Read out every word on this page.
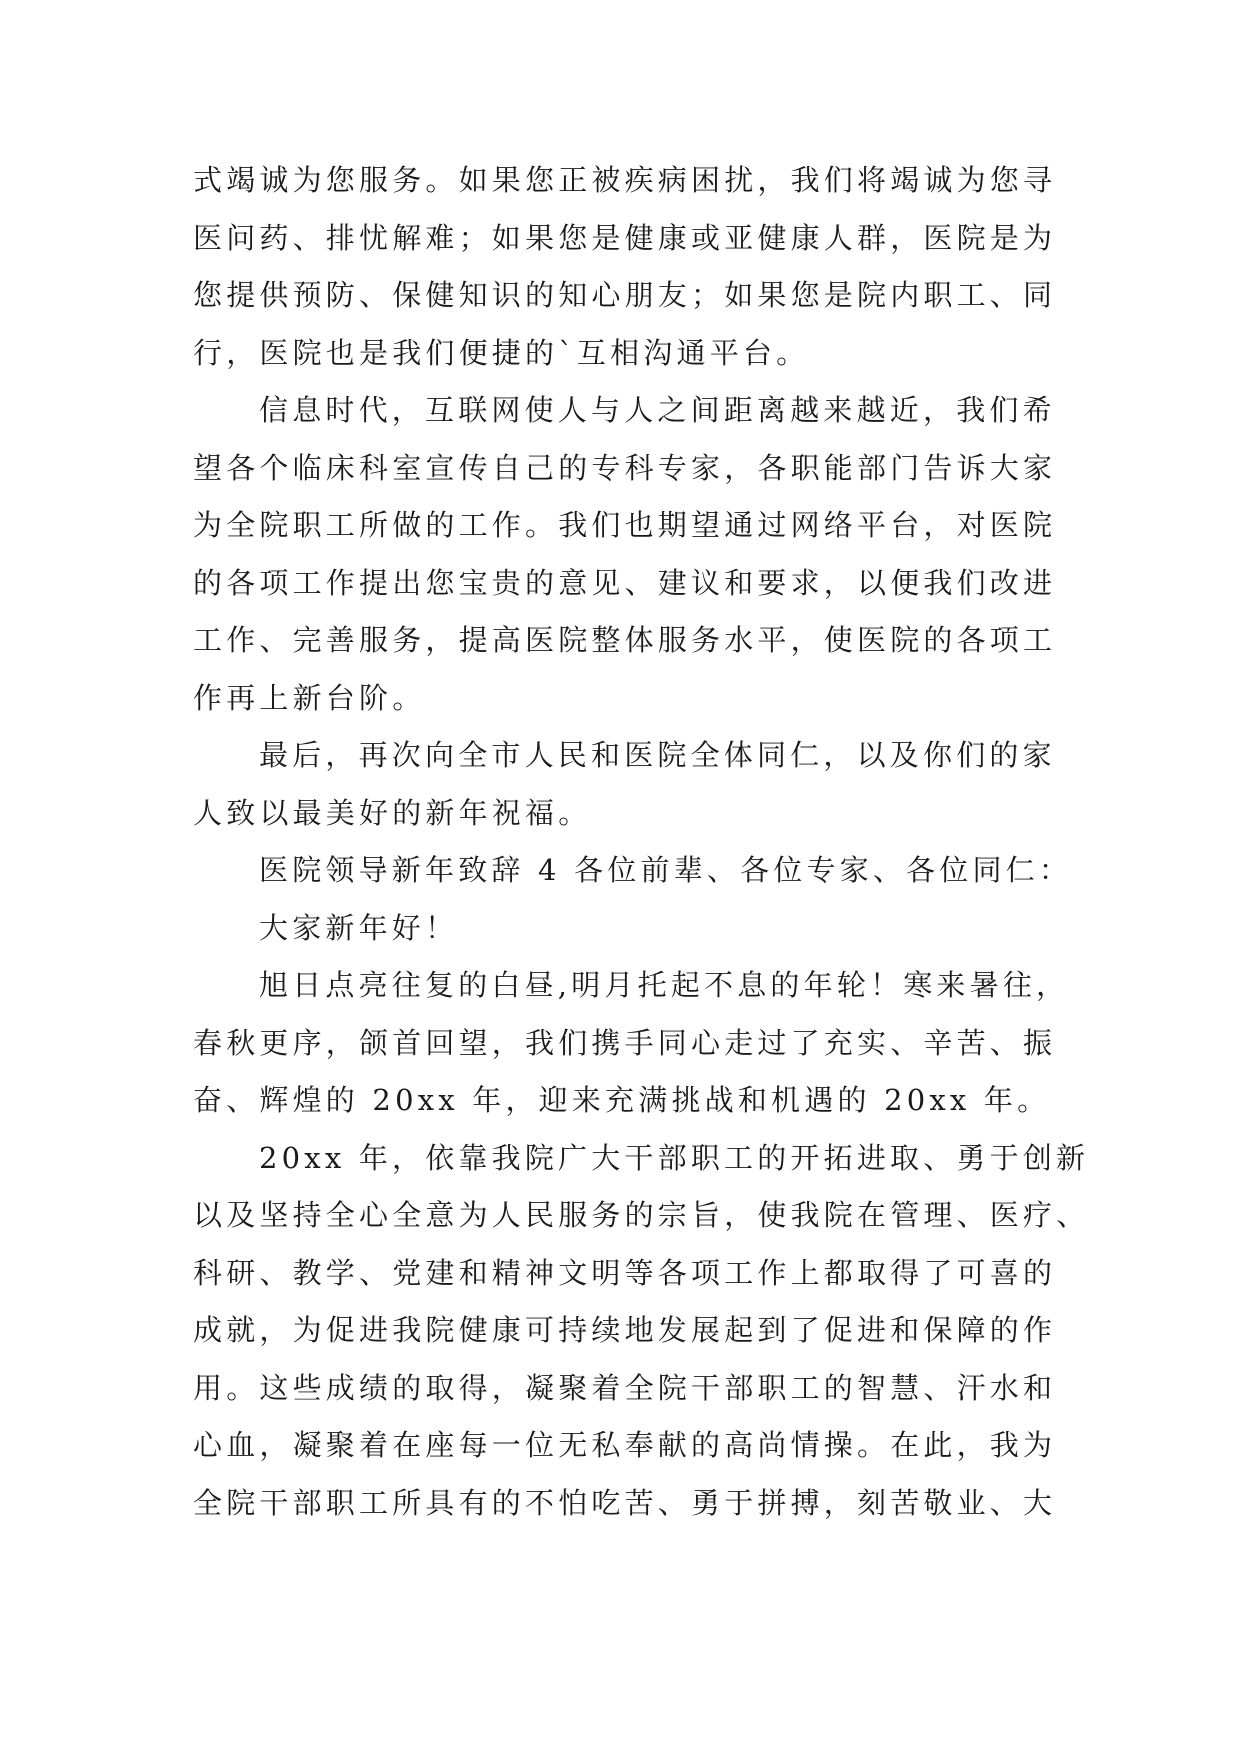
式竭诚为您服务。如果您正被疾病困扰，我们将竭诚为您寻
医问药、排忧解难；如果您是健康或亚健康人群，医院是为
您提供预防、保健知识的知心朋友；如果您是院内职工、同
行，医院也是我们便捷的`互相沟通平台。

信息时代，互联网使人与人之间距离越来越近，我们希
望各个临床科室宣传自己的专科专家，各职能部门告诉大家
为全院职工所做的工作。我们也期望通过网络平台，对医院
的各项工作提出您宝贵的意见、建议和要求，以便我们改进
工作、完善服务，提高医院整体服务水平，使医院的各项工
作再上新台阶。

最后，再次向全市人民和医院全体同仁，以及你们的家
人致以最美好的新年祝福。

医院领导新年致辞 4 各位前辈、各位专家、各位同仁：

大家新年好！

旭日点亮往复的白昼,明月托起不息的年轮！寒来暑往，
春秋更序，颌首回望，我们携手同心走过了充实、辛苦、振
奋、辉煌的 20xx 年，迎来充满挑战和机遇的 20xx 年。

20xx 年，依靠我院广大干部职工的开拓进取、勇于创新
以及坚持全心全意为人民服务的宗旨，使我院在管理、医疗、
科研、教学、党建和精神文明等各项工作上都取得了可喜的
成就，为促进我院健康可持续地发展起到了促进和保障的作
用。这些成绩的取得，凝聚着全院干部职工的智慧、汗水和
心血，凝聚着在座每一位无私奉献的高尚情操。在此，我为
全院干部职工所具有的不怕吃苦、勇于拼搏，刻苦敬业、大
